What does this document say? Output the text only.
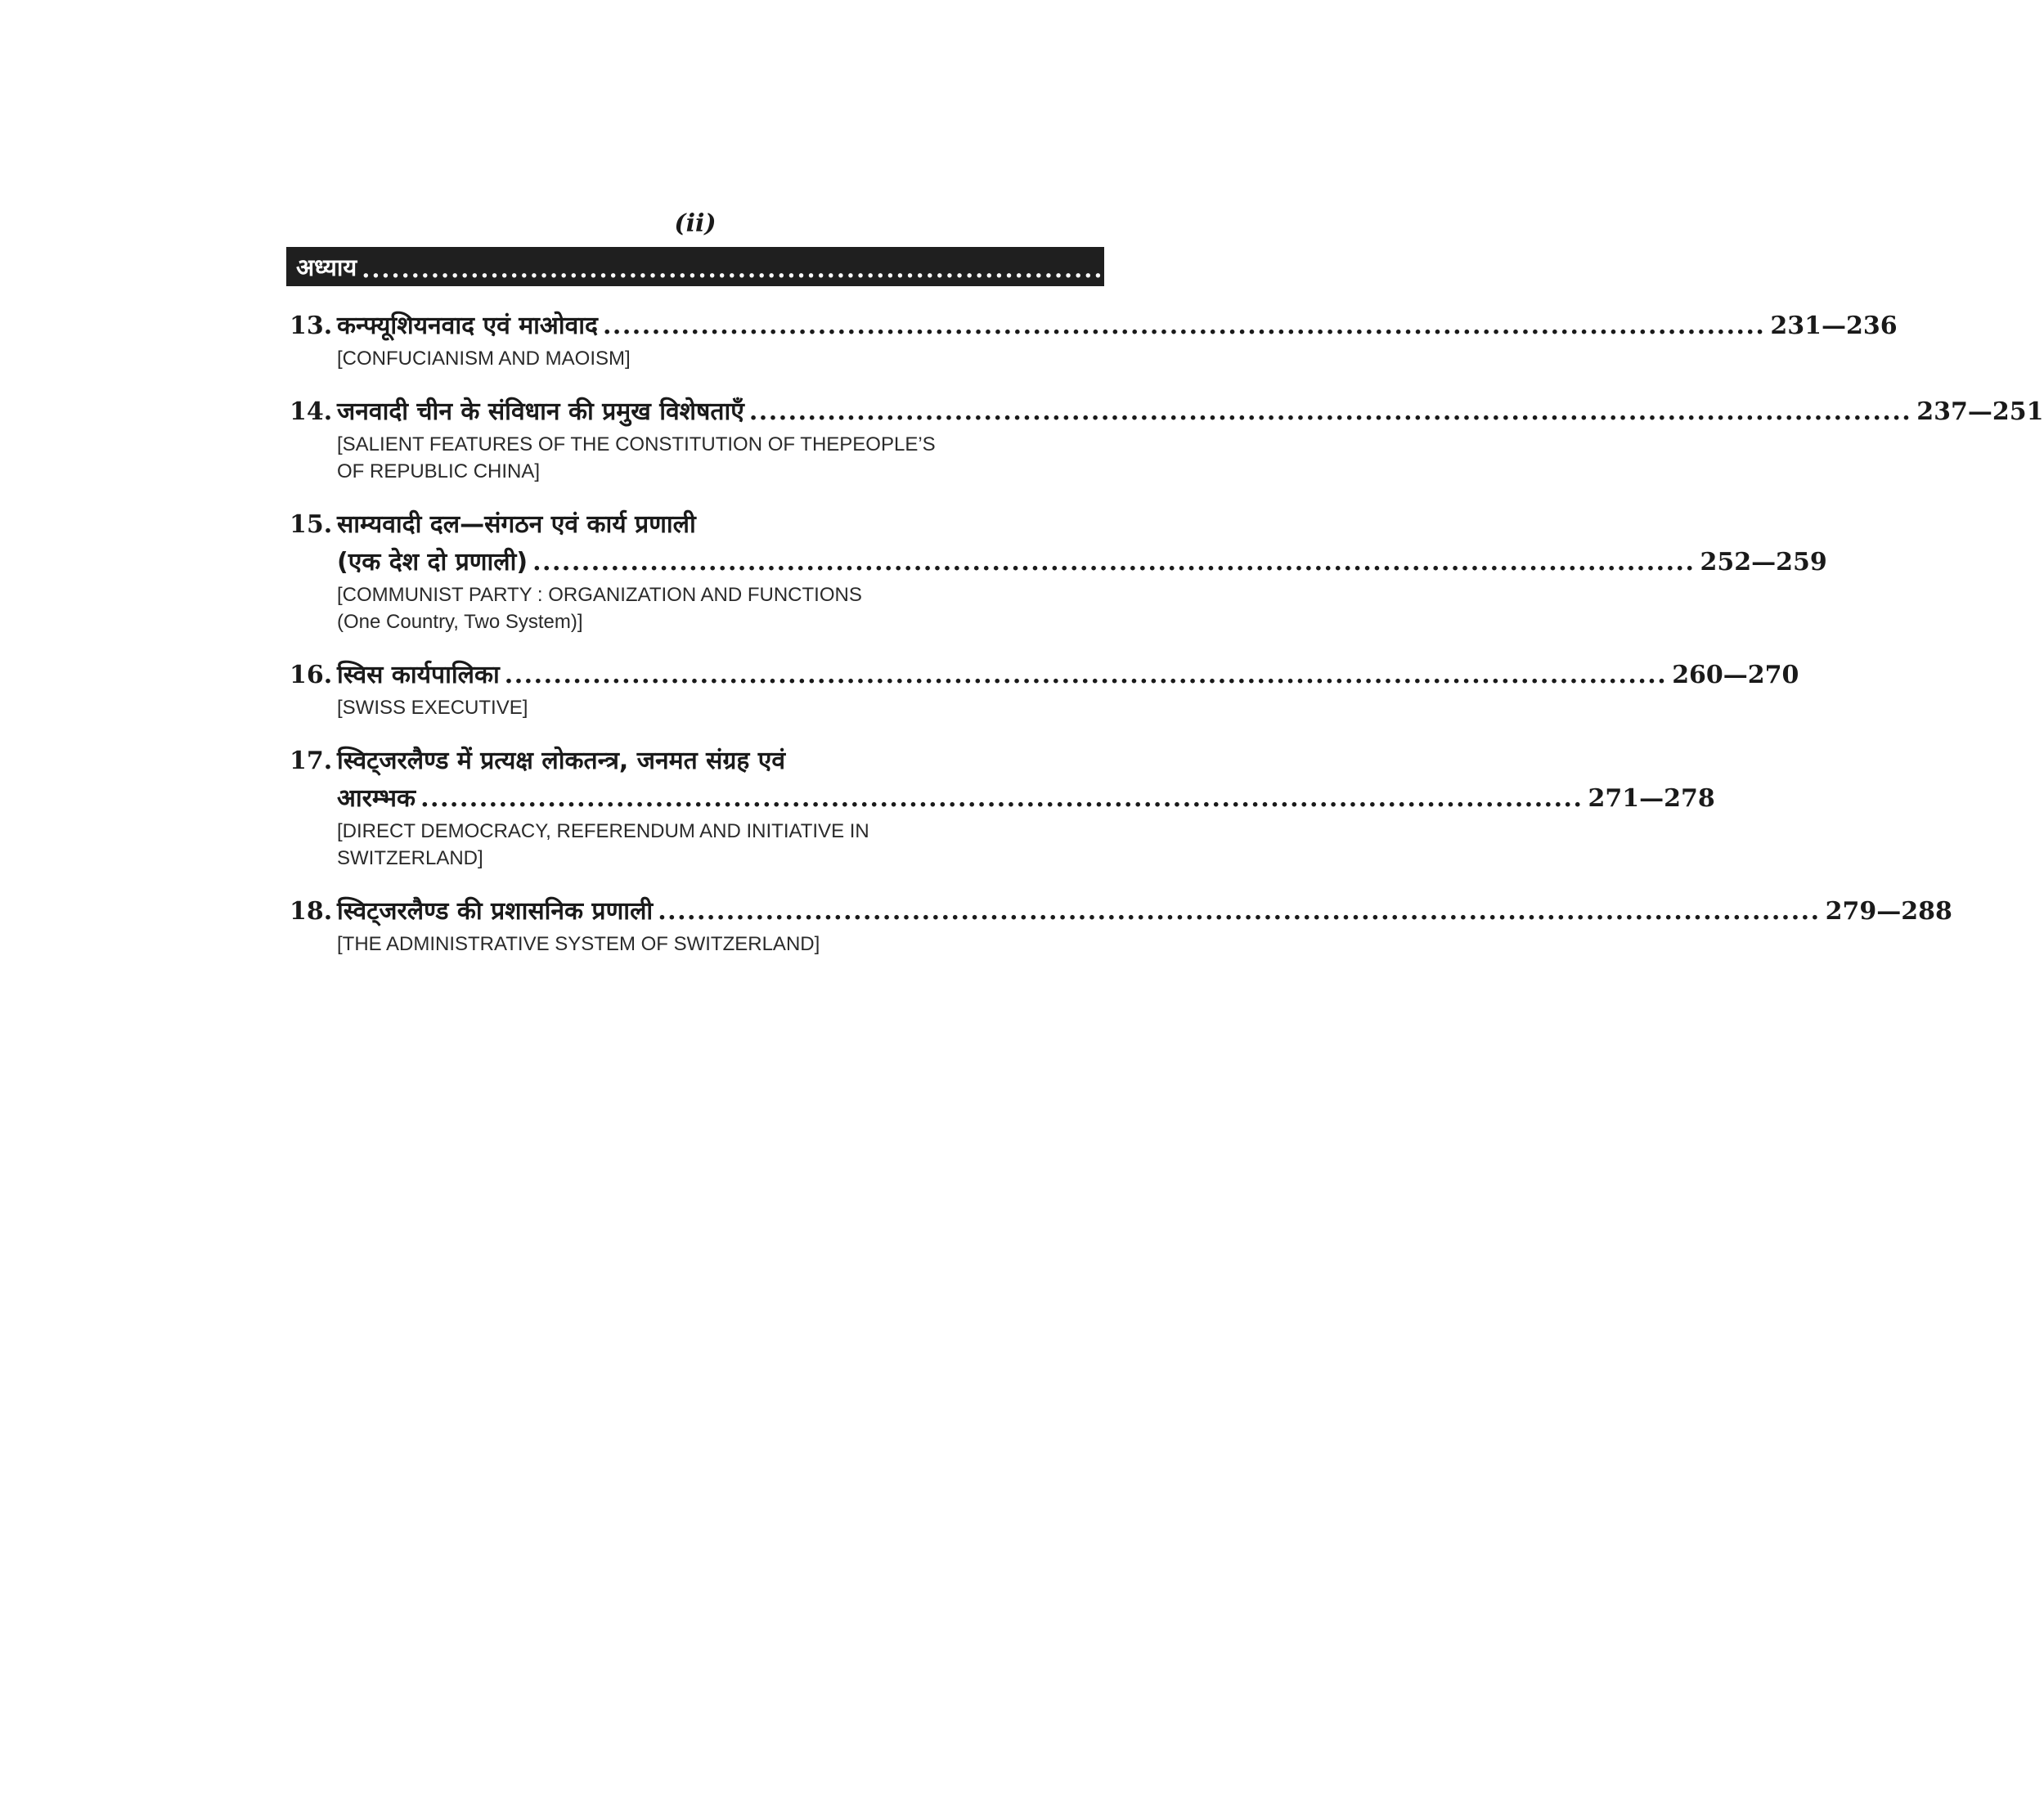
(ii)
अध्याय ...........................................................................................................................
पृष्ठ–संख्या
13. कन्फ्यूशियनवाद एवं माओवाद ....................................................................................................................... 231—236
[CONFUCIANISM AND MAOISM]
14. जनवादी चीन के संविधान की प्रमुख विशेषताएँ ....................................................................................................................... 237—251
[SALIENT FEATURES OF THE CONSTITUTION OF THEPEOPLE’S
OF REPUBLIC CHINA]
15. साम्यवादी दल—संगठन एवं कार्य प्रणाली
(एक देश दो प्रणाली) ....................................................................................................................... 252—259
[COMMUNIST PARTY : ORGANIZATION AND FUNCTIONS
(One Country, Two System)]
16. स्विस कार्यपालिका ....................................................................................................................... 260—270
[SWISS EXECUTIVE]
17. स्विट्जरलैण्ड में प्रत्यक्ष लोकतन्त्र, जनमत संग्रह एवं
आरम्भक ....................................................................................................................... 271—278
[DIRECT DEMOCRACY, REFERENDUM AND INITIATIVE IN
SWITZERLAND]
18. स्विट्जरलैण्ड की प्रशासनिक प्रणाली ....................................................................................................................... 279—288
[THE ADMINISTRATIVE SYSTEM OF SWITZERLAND]
